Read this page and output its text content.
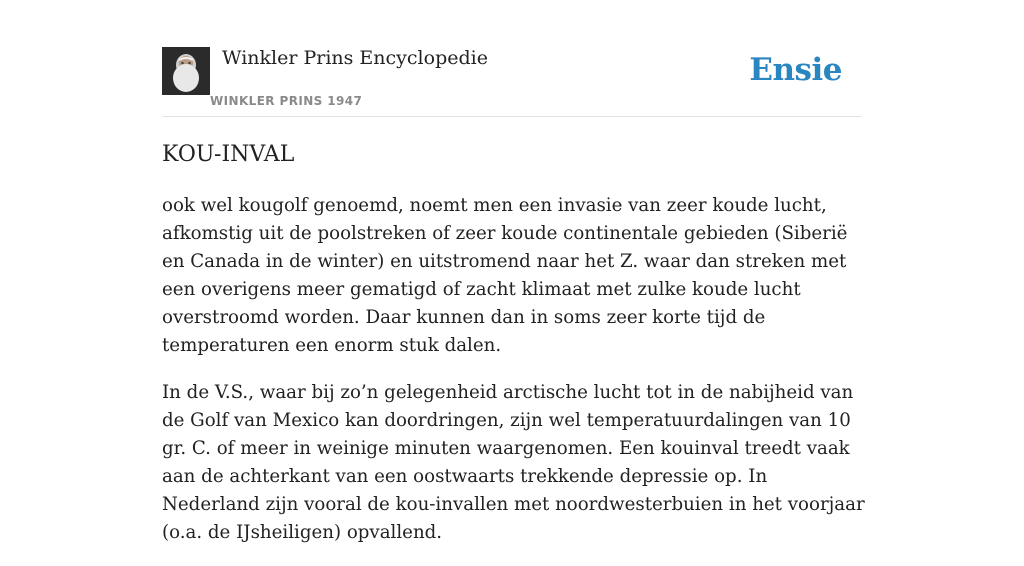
Winkler Prins Encyclopedie
WINKLER PRINS 1947
Ensie
KOU-INVAL

ook wel kougolf genoemd, noemt men een invasie van zeer koude lucht, afkomstig uit de poolstreken of zeer koude continentale gebieden (Siberië en Canada in de winter) en uitstromend naar het Z. waar dan streken met een overigens meer gematigd of zacht klimaat met zulke koude lucht overstroomd worden. Daar kunnen dan in soms zeer korte tijd de temperaturen een enorm stuk dalen.

In de V.S., waar bij zo’n gelegenheid arctische lucht tot in de nabijheid van de Golf van Mexico kan doordringen, zijn wel temperatuurdalingen van 10 gr. C. of meer in weinige minuten waargenomen. Een kouinval treedt vaak aan de achterkant van een oostwaarts trekkende depressie op. In Nederland zijn vooral de kou-invallen met noordwesterbuien in het voorjaar (o.a. de IJsheiligen) opvallend.
